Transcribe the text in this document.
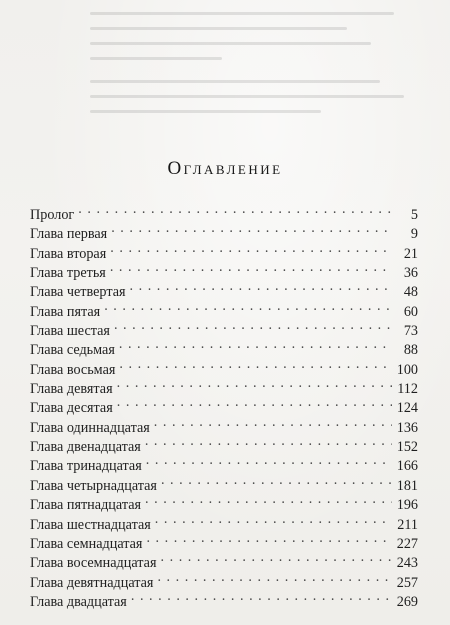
Оглавление
Пролог . . .	5
Глава первая . . .	9
Глава вторая . . .	21
Глава третья . . .	36
Глава четвертая . . .	48
Глава пятая . . .	60
Глава шестая . . .	73
Глава седьмая . . .	88
Глава восьмая . . .	100
Глава девятая . . .	112
Глава десятая . . .	124
Глава одиннадцатая . . .	136
Глава двенадцатая . . .	152
Глава тринадцатая . . .	166
Глава четырнадцатая . . .	181
Глава пятнадцатая . . .	196
Глава шестнадцатая . . .	211
Глава семнадцатая . . .	227
Глава восемнадцатая . . .	243
Глава девятнадцатая . . .	257
Глава двадцатая . . .	269
